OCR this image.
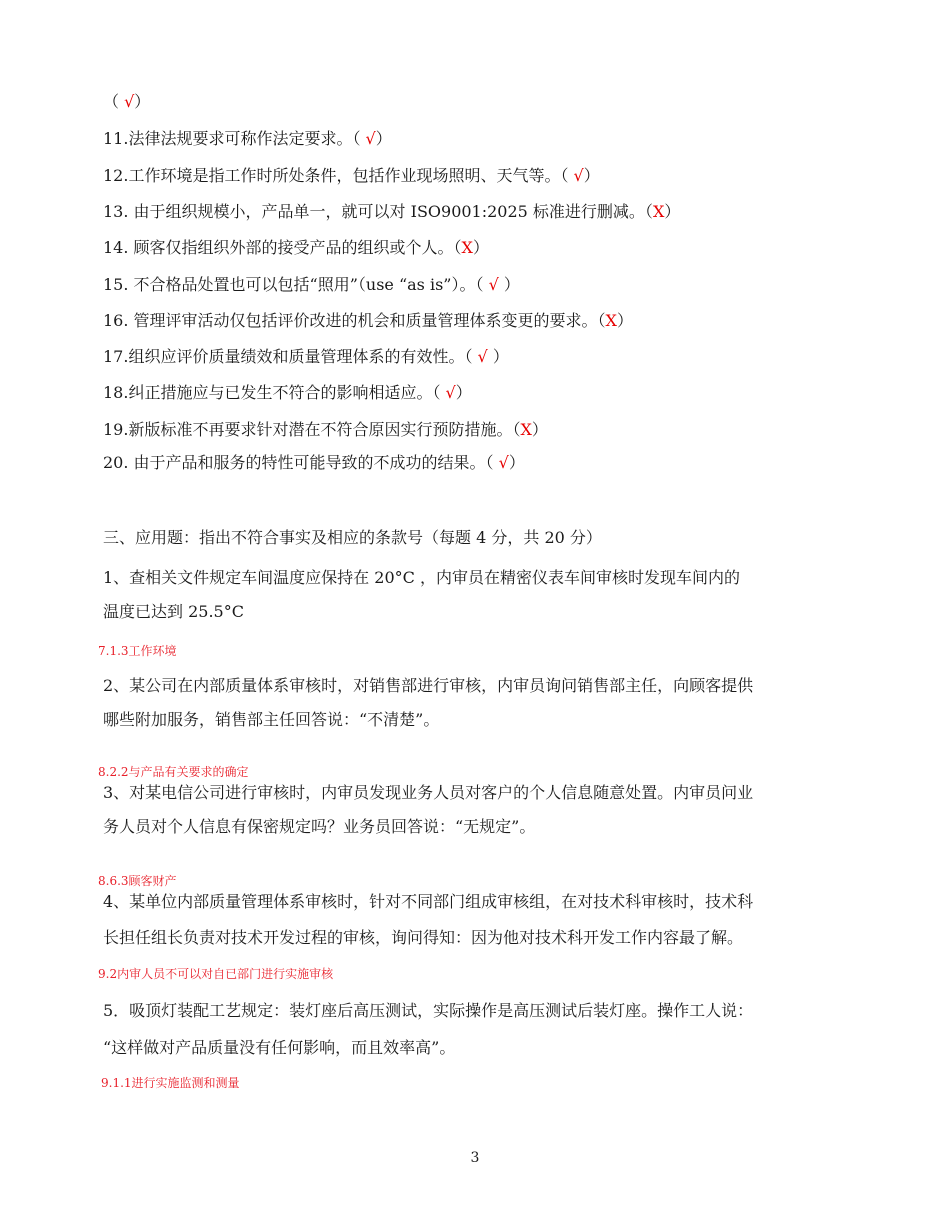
（ √）
11.法律法规要求可称作法定要求。（ √）
12.工作环境是指工作时所处条件，包括作业现场照明、天气等。（ √）
13. 由于组织规模小，产品单一，就可以对 ISO9001:2025 标准进行删减。（X）
14. 顾客仅指组织外部的接受产品的组织或个人。（X）
15. 不合格品处置也可以包括“照用”（use “as is”）。（ √ ）
16. 管理评审活动仅包括评价改进的机会和质量管理体系变更的要求。（X）
17.组织应评价质量绩效和质量管理体系的有效性。（ √ ）
18.纠正措施应与已发生不符合的影响相适应。（ √）
19.新版标准不再要求针对潜在不符合原因实行预防措施。（X）
20. 由于产品和服务的特性可能导致的不成功的结果。（ √）
三、应用题：指出不符合事实及相应的条款号（每题 4 分，共 20 分）
1、查相关文件规定车间温度应保持在 20°C ，内审员在精密仪表车间审核时发现车间内的
温度已达到 25.5°C
7.1.3工作环境
2、某公司在内部质量体系审核时，对销售部进行审核，内审员询问销售部主任，向顾客提供
哪些附加服务，销售部主任回答说：“不清楚”。
8.2.2与产品有关要求的确定
3、对某电信公司进行审核时，内审员发现业务人员对客户的个人信息随意处置。内审员问业
务人员对个人信息有保密规定吗？业务员回答说：“无规定”。
8.6.3顾客财产
4、某单位内部质量管理体系审核时，针对不同部门组成审核组，在对技术科审核时，技术科
长担任组长负责对技术开发过程的审核，询问得知：因为他对技术科开发工作内容最了解。
9.2内审人员不可以对自已部门进行实施审核
5．吸顶灯装配工艺规定：装灯座后高压测试，实际操作是高压测试后装灯座。操作工人说：
“这样做对产品质量没有任何影响，而且效率高”。
9.1.1进行实施监测和测量
3
